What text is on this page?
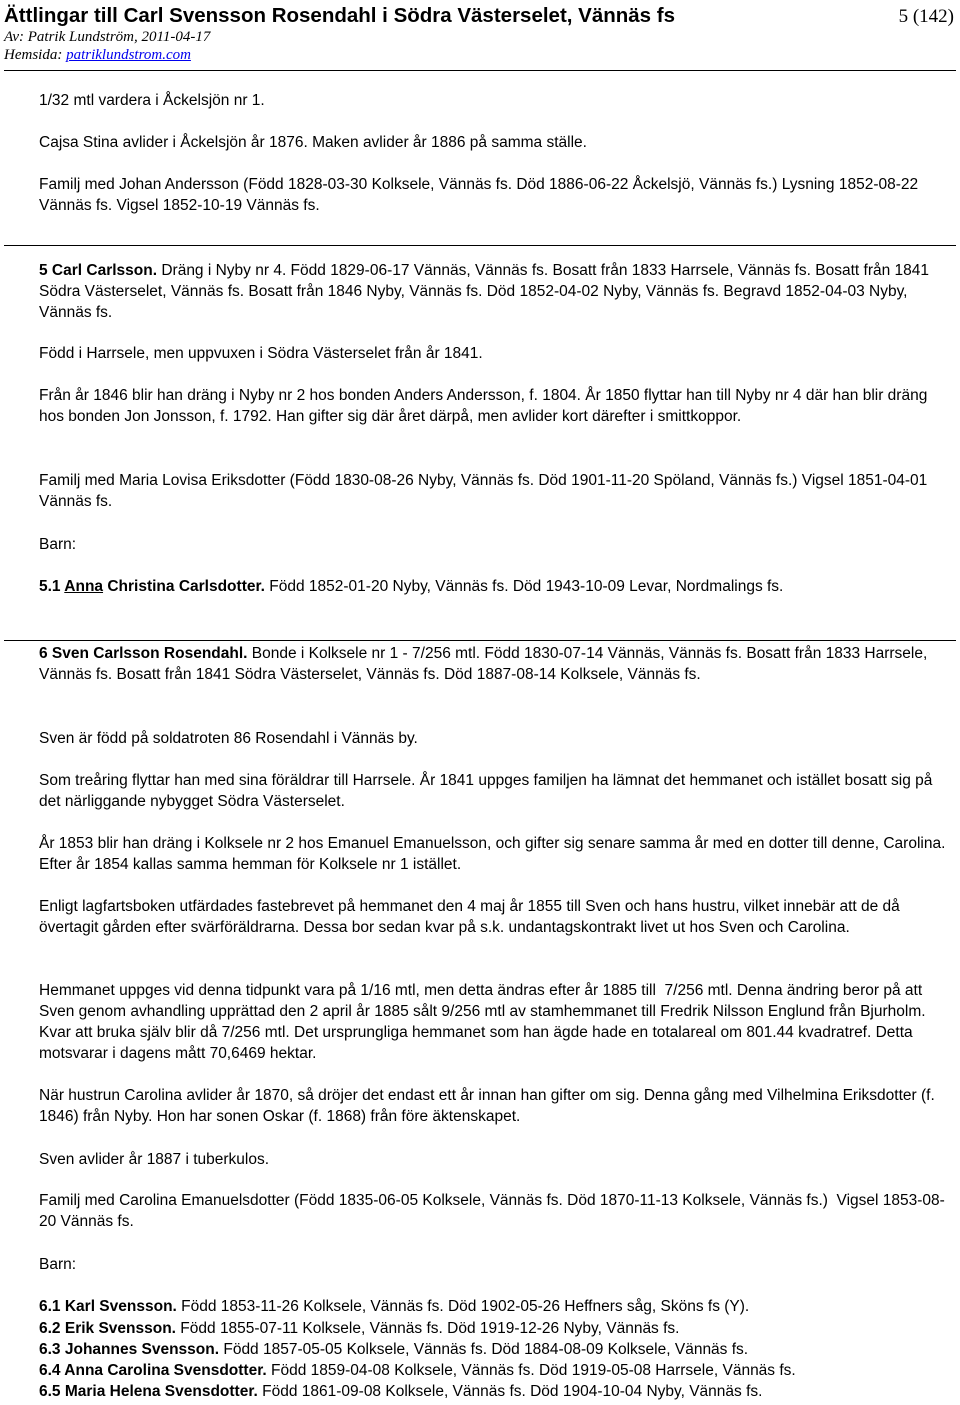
Ättlingar till Carl Svensson Rosendahl i Södra Västerselet, Vännäs fs	5 (142)
Av: Patrik Lundström, 2011-04-17
Hemsida: patriklundstrom.com

1/32 mtl vardera i Åckelsjön nr 1.

Cajsa Stina avlider i Åckelsjön år 1876. Maken avlider år 1886 på samma ställe.

Familj med Johan Andersson (Född 1828-03-30 Kolksele, Vännäs fs. Död 1886-06-22 Åckelsjö, Vännäs fs.) Lysning 1852-08-22 Vännäs fs. Vigsel 1852-10-19 Vännäs fs.

5 Carl Carlsson. Dräng i Nyby nr 4. Född 1829-06-17 Vännäs, Vännäs fs. Bosatt från 1833 Harrsele, Vännäs fs. Bosatt från 1841 Södra Västerselet, Vännäs fs. Bosatt från 1846 Nyby, Vännäs fs. Död 1852-04-02 Nyby, Vännäs fs. Begravd 1852-04-03 Nyby, Vännäs fs.

Född i Harrsele, men uppvuxen i Södra Västerselet från år 1841.

Från år 1846 blir han dräng i Nyby nr 2 hos bonden Anders Andersson, f. 1804. År 1850 flyttar han till Nyby nr 4 där han blir dräng hos bonden Jon Jonsson, f. 1792. Han gifter sig där året därpå, men avlider kort därefter i smittkoppor.

Familj med Maria Lovisa Eriksdotter (Född 1830-08-26 Nyby, Vännäs fs. Död 1901-11-20 Spöland, Vännäs fs.) Vigsel 1851-04-01 Vännäs fs.

Barn:

5.1 Anna Christina Carlsdotter. Född 1852-01-20 Nyby, Vännäs fs. Död 1943-10-09 Levar, Nordmalings fs.

6 Sven Carlsson Rosendahl. Bonde i Kolksele nr 1 - 7/256 mtl. Född 1830-07-14 Vännäs, Vännäs fs. Bosatt från 1833 Harrsele, Vännäs fs. Bosatt från 1841 Södra Västerselet, Vännäs fs. Död 1887-08-14 Kolksele, Vännäs fs.

Sven är född på soldatroten 86 Rosendahl i Vännäs by.

Som treåring flyttar han med sina föräldrar till Harrsele. År 1841 uppges familjen ha lämnat det hemmanet och istället bosatt sig på det närliggande nybygget Södra Västerselet.

År 1853 blir han dräng i Kolksele nr 2 hos Emanuel Emanuelsson, och gifter sig senare samma år med en dotter till denne, Carolina. Efter år 1854 kallas samma hemman för Kolksele nr 1 istället.

Enligt lagfartsboken utfärdades fastebrevet på hemmanet den 4 maj år 1855 till Sven och hans hustru, vilket innebär att de då övertagit gården efter svärföräldrarna. Dessa bor sedan kvar på s.k. undantagskontrakt livet ut hos Sven och Carolina.

Hemmanet uppges vid denna tidpunkt vara på 1/16 mtl, men detta ändras efter år 1885 till  7/256 mtl. Denna ändring beror på att Sven genom avhandling upprättad den 2 april år 1885 sålt 9/256 mtl av stamhemmanet till Fredrik Nilsson Englund från Bjurholm. Kvar att bruka själv blir då 7/256 mtl. Det ursprungliga hemmanet som han ägde hade en totalareal om 801.44 kvadratref. Detta motsvarar i dagens mått 70,6469 hektar.

När hustrun Carolina avlider år 1870, så dröjer det endast ett år innan han gifter om sig. Denna gång med Vilhelmina Eriksdotter (f. 1846) från Nyby. Hon har sonen Oskar (f. 1868) från före äktenskapet.

Sven avlider år 1887 i tuberkulos.

Familj med Carolina Emanuelsdotter (Född 1835-06-05 Kolksele, Vännäs fs. Död 1870-11-13 Kolksele, Vännäs fs.)  Vigsel 1853-08-20 Vännäs fs.

Barn:

6.1 Karl Svensson. Född 1853-11-26 Kolksele, Vännäs fs. Död 1902-05-26 Heffners såg, Sköns fs (Y).

6.2 Erik Svensson. Född 1855-07-11 Kolksele, Vännäs fs. Död 1919-12-26 Nyby, Vännäs fs.

6.3 Johannes Svensson. Född 1857-05-05 Kolksele, Vännäs fs. Död 1884-08-09 Kolksele, Vännäs fs.

6.4 Anna Carolina Svensdotter. Född 1859-04-08 Kolksele, Vännäs fs. Död 1919-05-08 Harrsele, Vännäs fs.

6.5 Maria Helena Svensdotter. Född 1861-09-08 Kolksele, Vännäs fs. Död 1904-10-04 Nyby, Vännäs fs.
